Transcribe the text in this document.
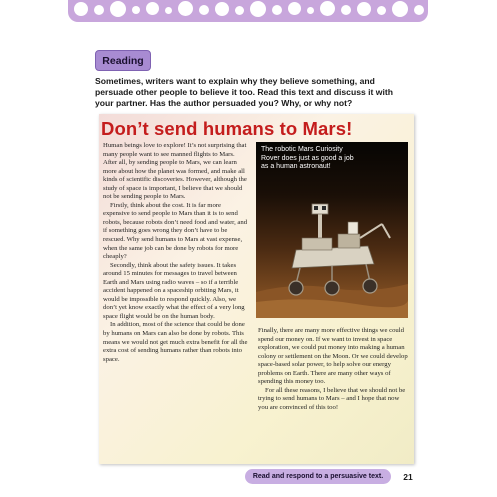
Reading
Sometimes, writers want to explain why they believe something, and persuade other people to believe it too. Read this text and discuss it with your partner. Has the author persuaded you? Why, or why not?
Don’t send humans to Mars!

Human beings love to explore! It’s not surprising that many people want to see manned flights to Mars. After all, by sending people to Mars, we can learn more about how the planet was formed, and make all kinds of scientific discoveries. However, although the study of space is important, I believe that we should not be sending people to Mars.

Firstly, think about the cost. It is far more expensive to send people to Mars than it is to send robots, because robots don’t need food and water, and if something goes wrong they don’t have to be rescued. Why send humans to Mars at vast expense, when the same job can be done by robots for more cheaply?

Secondly, think about the safety issues. It takes around 15 minutes for messages to travel between Earth and Mars using radio waves – so if a terrible accident happened on a spaceship orbiting Mars, it would be impossible to respond quickly. Also, we don’t yet know exactly what the effect of a very long space flight would be on the human body.

In addition, most of the science that could be done by humans on Mars can also be done by robots. This means we would not get much extra benefit for all the extra cost of sending humans rather than robots into space.

The robotic Mars Curiosity Rover does just as good a job as a human astronaut!

Finally, there are many more effective things we could spend our money on. If we want to invest in space exploration, we could put money into making a human colony or settlement on the Moon. Or we could develop space-based solar power, to help solve our energy problems on Earth. There are many other ways of spending this money too.

For all these reasons, I believe that we should not be trying to send humans to Mars – and I hope that now you are convinced of this too!

Read and respond to a persuasive text.	21
